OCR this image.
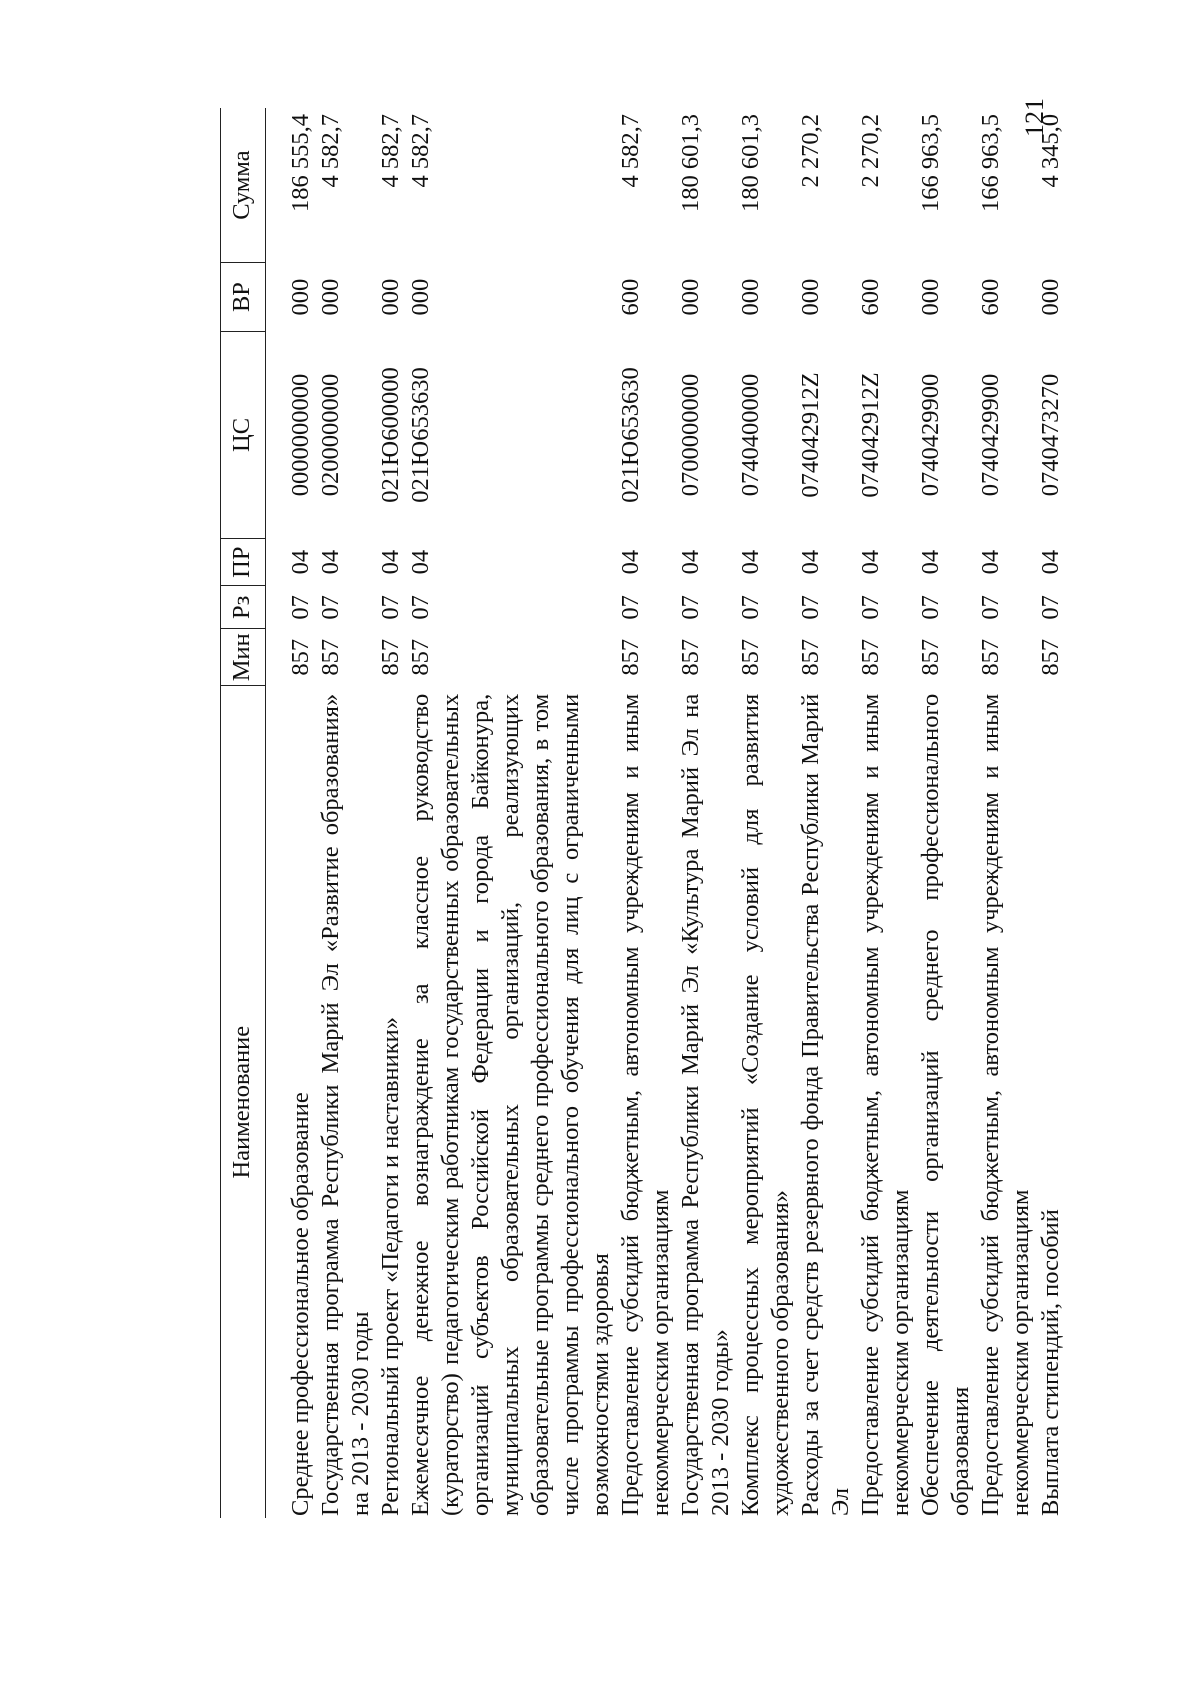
121
Наименование	Мин	Рз	ПР	ЦС	ВР	Сумма
Среднее профессиональное образование	857	07	04	0000000000	000	186 555,4
Государственная программа Республики Марий Эл «Развитие образования» на 2013 - 2030 годы	857	07	04	0200000000	000	4 582,7
Региональный проект «Педагоги и наставники»	857	07	04	021Ю600000	000	4 582,7
Ежемесячное денежное вознаграждение за классное руководство (кураторство) педагогическим работникам государственных образовательных организаций субъектов Российской Федерации и города Байконура, муниципальных образовательных организаций, реализующих образовательные программы среднего профессионального образования, в том числе программы профессионального обучения для лиц с ограниченными возможностями здоровья	857	07	04	021Ю653630	000	4 582,7
Предоставление субсидий бюджетным, автономным учреждениям и иным некоммерческим организациям	857	07	04	021Ю653630	600	4 582,7
Государственная программа Республики Марий Эл «Культура Марий Эл на 2013 - 2030 годы»	857	07	04	0700000000	000	180 601,3
Комплекс процессных мероприятий «Создание условий для развития художественного образования»	857	07	04	0740400000	000	180 601,3
Расходы за счет средств резервного фонда Правительства Республики Марий Эл	857	07	04	074042912Z	000	2 270,2
Предоставление субсидий бюджетным, автономным учреждениям и иным некоммерческим организациям	857	07	04	074042912Z	600	2 270,2
Обеспечение деятельности организаций среднего профессионального образования	857	07	04	0740429900	000	166 963,5
Предоставление субсидий бюджетным, автономным учреждениям и иным некоммерческим организациям	857	07	04	0740429900	600	166 963,5
Выплата стипендий, пособий	857	07	04	0740473270	000	4 345,0
